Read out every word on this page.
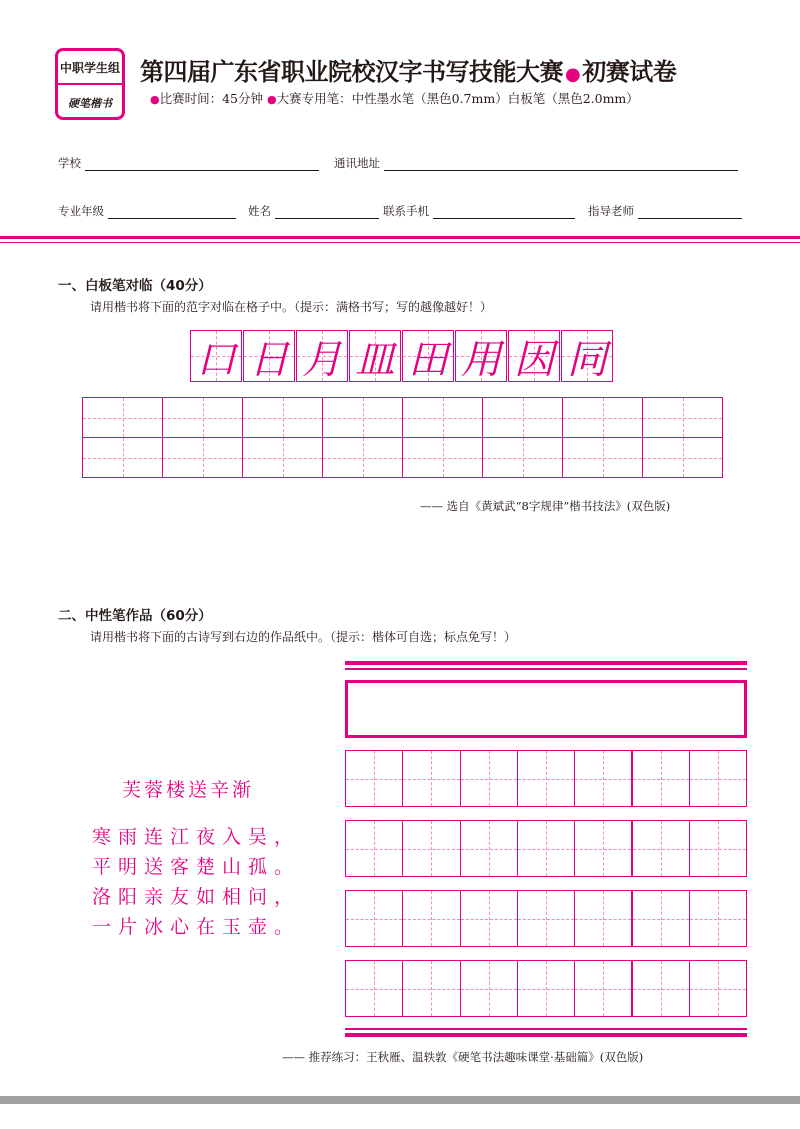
中职学生组
硬笔楷书
第四届广东省职业院校汉字书写技能大赛 ●初赛试卷
●比赛时间：45分钟 ●大赛专用笔：中性墨水笔（黑色0.7mm）白板笔（黑色2.0mm）
学校	通讯地址
专业年级	姓名	联系手机	指导老师
一、白板笔对临（40分）
请用楷书将下面的范字对临在格子中。（提示：满格书写；写的越像越好！）
口 日 月 皿 田 用 因 同
—— 选自《黄斌武“8字规律”楷书技法》(双色版)
二、中性笔作品（60分）
请用楷书将下面的古诗写到右边的作品纸中。（提示：楷体可自选；标点免写！）
芙蓉楼送辛渐
寒雨连江夜入吴，
平明送客楚山孤。
洛阳亲友如相问，
一片冰心在玉壶。
—— 推荐练习：王秋雁、温轶敦《硬笔书法趣味课堂·基础篇》(双色版)
